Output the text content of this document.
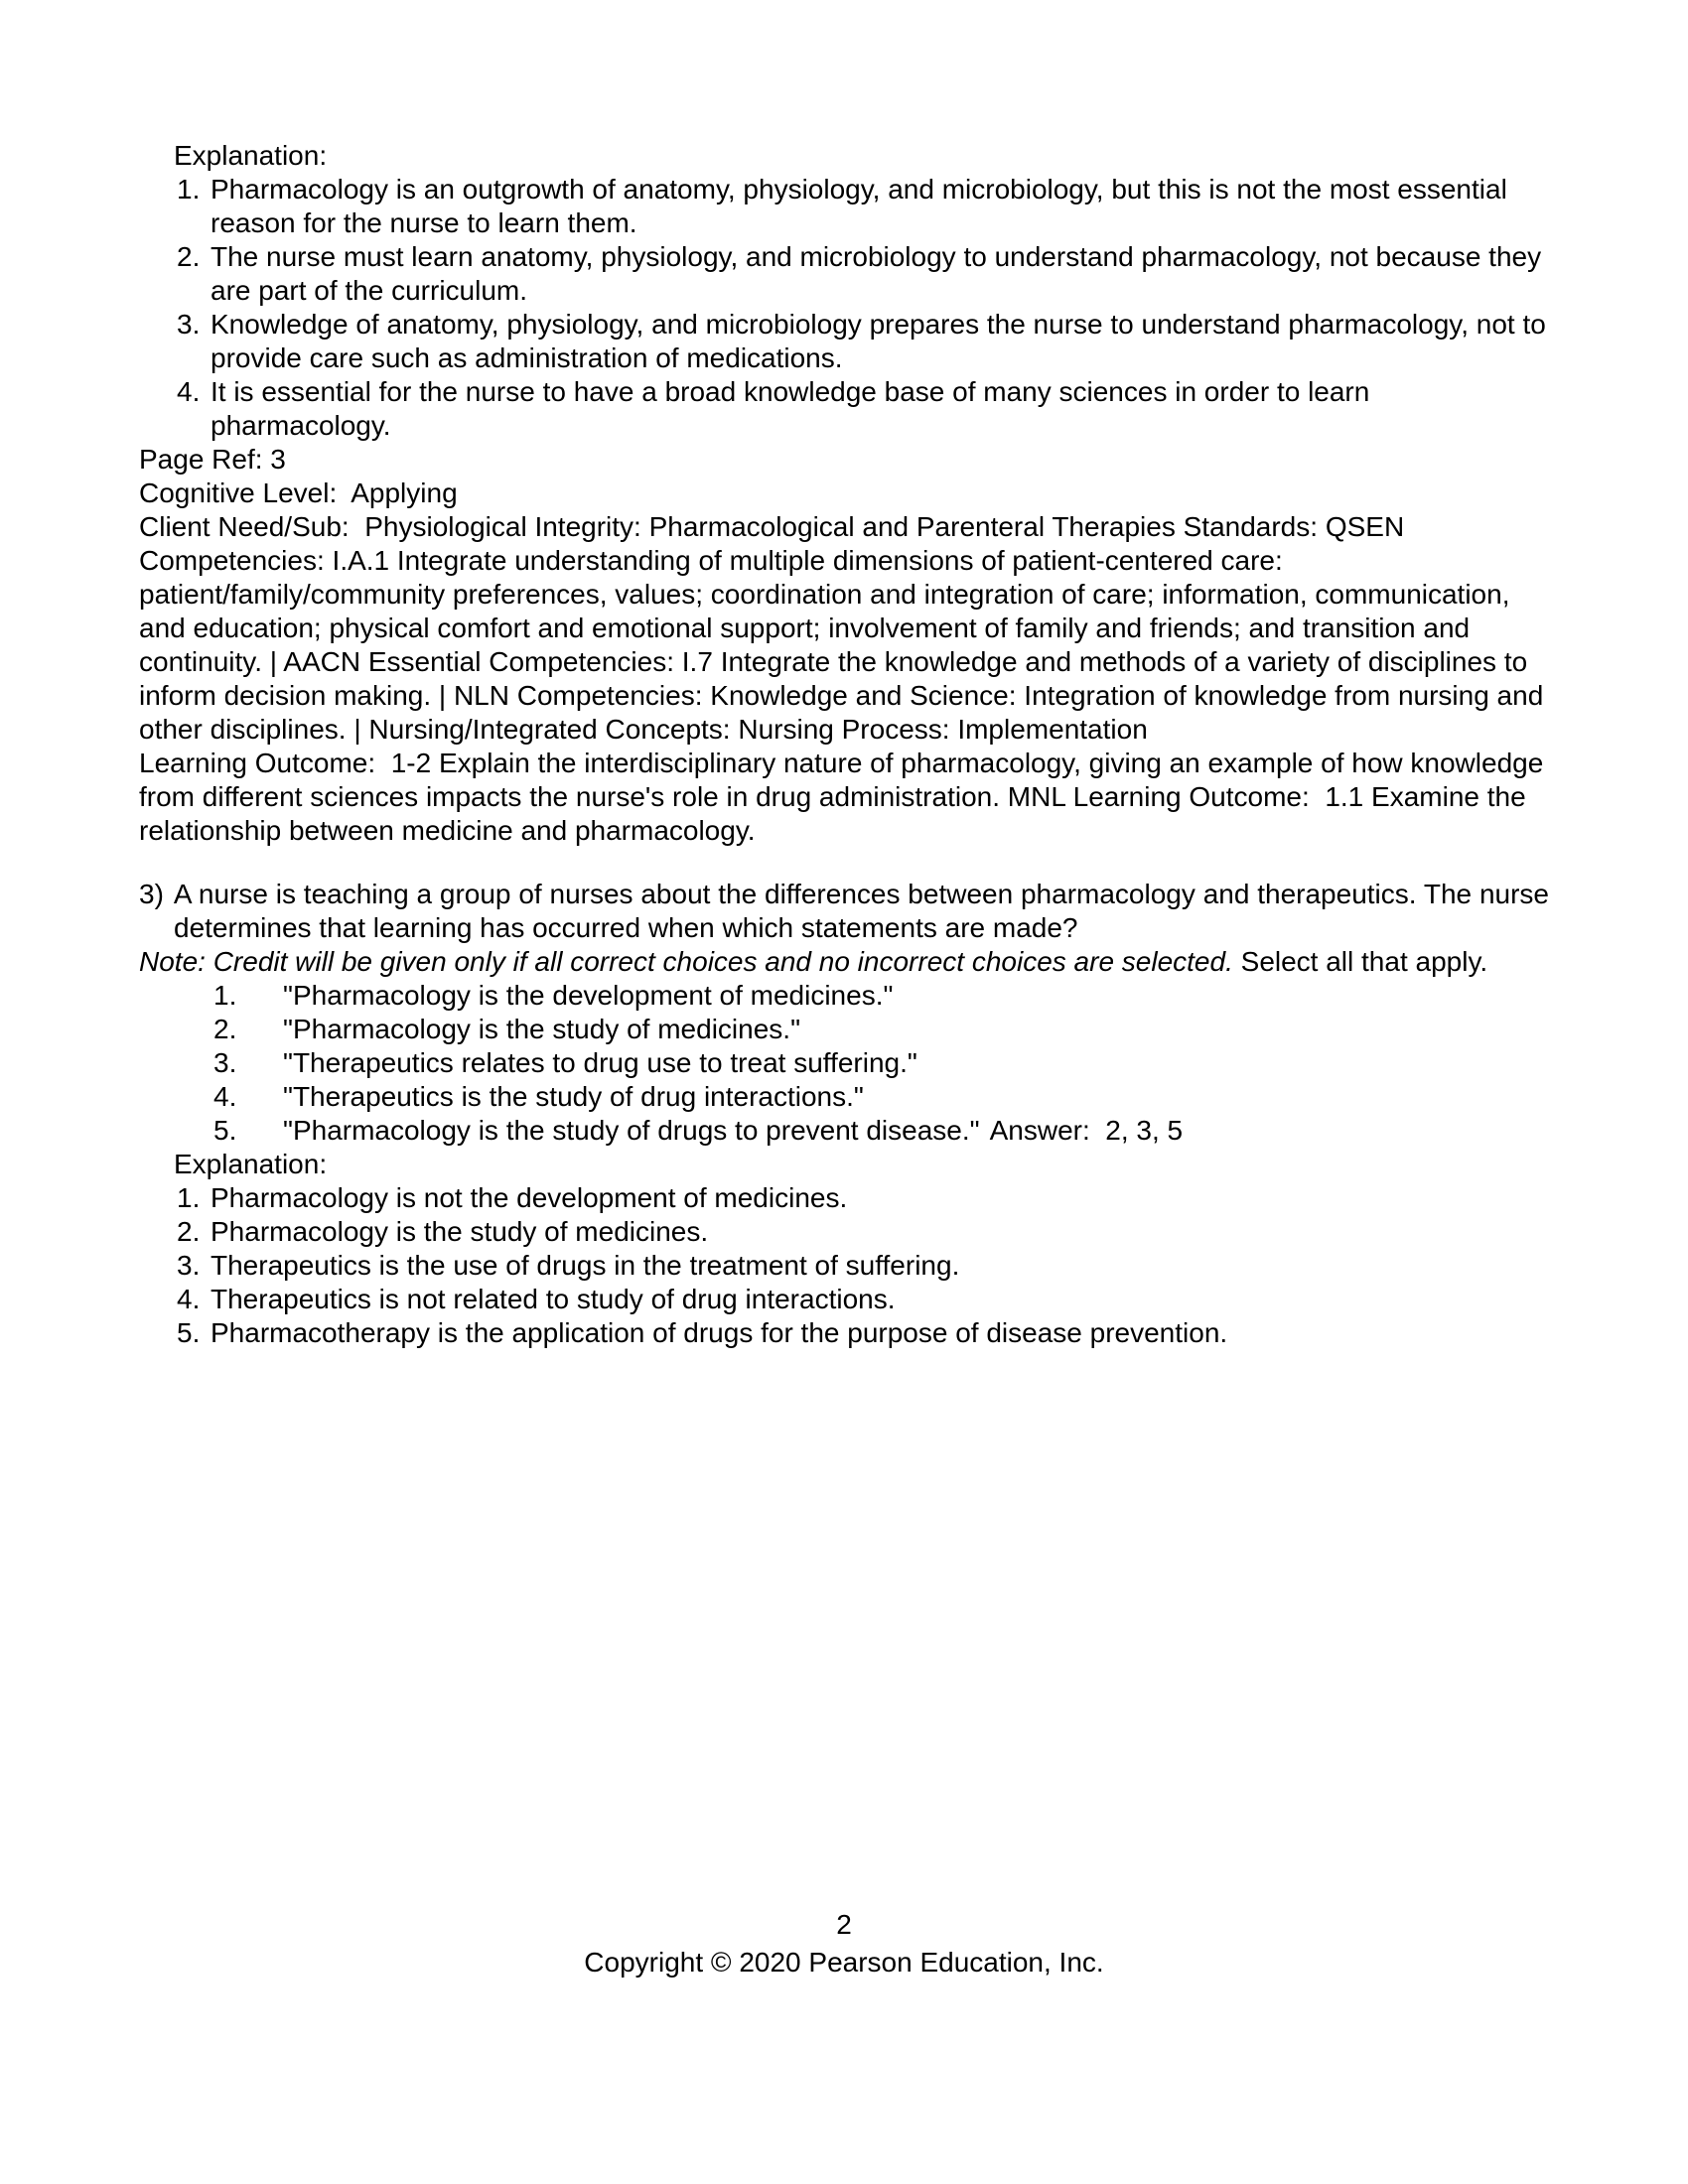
Explanation:

1. Pharmacology is an outgrowth of anatomy, physiology, and microbiology, but this is not the most essential reason for the nurse to learn them.
2. The nurse must learn anatomy, physiology, and microbiology to understand pharmacology, not because they are part of the curriculum.
3. Knowledge of anatomy, physiology, and microbiology prepares the nurse to understand pharmacology, not to provide care such as administration of medications.
4. It is essential for the nurse to have a broad knowledge base of many sciences in order to learn pharmacology.

Page Ref: 3

Cognitive Level:  Applying

Client Need/Sub:  Physiological Integrity: Pharmacological and Parenteral Therapies Standards: QSEN Competencies: I.A.1 Integrate understanding of multiple dimensions of patient-centered care: patient/family/community preferences, values; coordination and integration of care; information, communication, and education; physical comfort and emotional support; involvement of family and friends; and transition and continuity. | AACN Essential Competencies: I.7 Integrate the knowledge and methods of a variety of disciplines to inform decision making. | NLN Competencies: Knowledge and Science: Integration of knowledge from nursing and other disciplines. | Nursing/Integrated Concepts: Nursing Process: Implementation

Learning Outcome:  1-2 Explain the interdisciplinary nature of pharmacology, giving an example of how knowledge from different sciences impacts the nurse's role in drug administration. MNL Learning Outcome:  1.1 Examine the relationship between medicine and pharmacology.

3) A nurse is teaching a group of nurses about the differences between pharmacology and therapeutics. The nurse determines that learning has occurred when which statements are made?

Note: Credit will be given only if all correct choices and no incorrect choices are selected. Select all that apply.

1.	"Pharmacology is the development of medicines."
2.	"Pharmacology is the study of medicines."
3.	"Therapeutics relates to drug use to treat suffering."
4.	"Therapeutics is the study of drug interactions."
5.	"Pharmacology is the study of drugs to prevent disease." Answer:  2, 3, 5

Explanation:

1. Pharmacology is not the development of medicines.
2. Pharmacology is the study of medicines.
3. Therapeutics is the use of drugs in the treatment of suffering.
4. Therapeutics is not related to study of drug interactions.
5. Pharmacotherapy is the application of drugs for the purpose of disease prevention.
2
Copyright © 2020 Pearson Education, Inc.
